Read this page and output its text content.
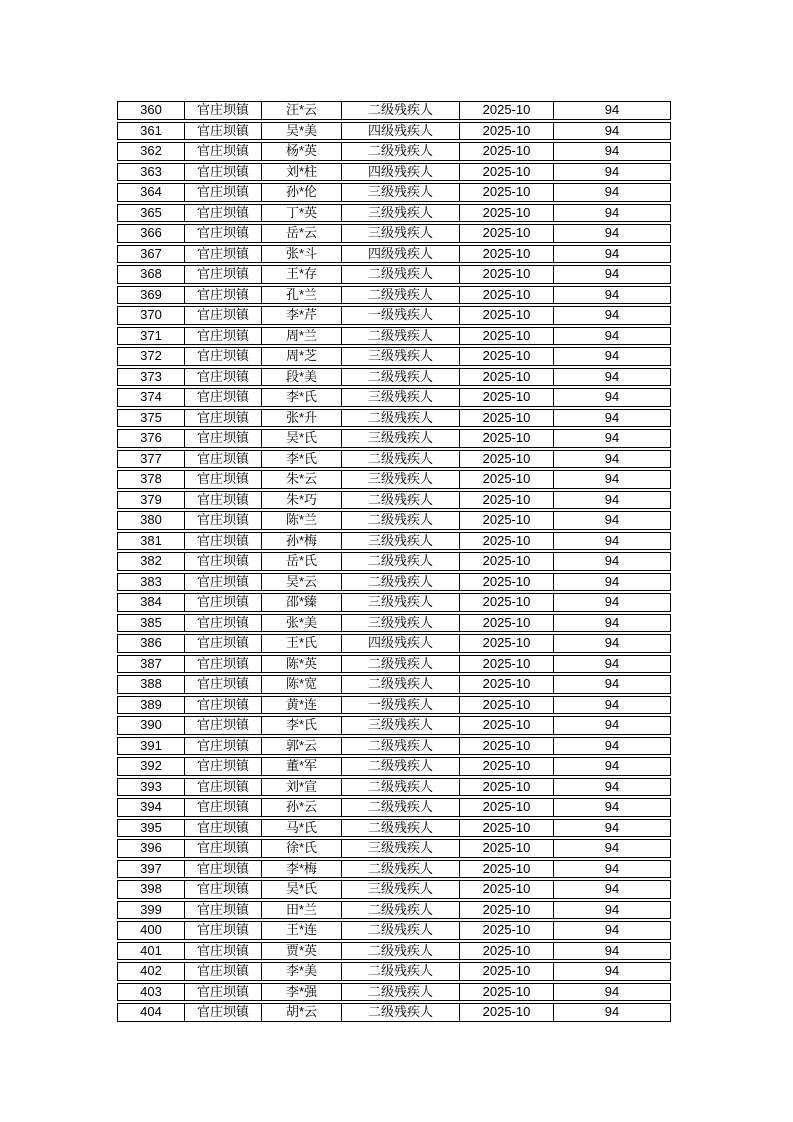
360	官庄坝镇	汪*云	二级残疾人	2025-10	94
361	官庄坝镇	吴*美	四级残疾人	2025-10	94
362	官庄坝镇	杨*英	二级残疾人	2025-10	94
363	官庄坝镇	刘*柱	四级残疾人	2025-10	94
364	官庄坝镇	孙*伦	三级残疾人	2025-10	94
365	官庄坝镇	丁*英	三级残疾人	2025-10	94
366	官庄坝镇	岳*云	三级残疾人	2025-10	94
367	官庄坝镇	张*斗	四级残疾人	2025-10	94
368	官庄坝镇	王*存	二级残疾人	2025-10	94
369	官庄坝镇	孔*兰	二级残疾人	2025-10	94
370	官庄坝镇	李*芹	一级残疾人	2025-10	94
371	官庄坝镇	周*兰	二级残疾人	2025-10	94
372	官庄坝镇	周*芝	三级残疾人	2025-10	94
373	官庄坝镇	段*美	二级残疾人	2025-10	94
374	官庄坝镇	李*氏	三级残疾人	2025-10	94
375	官庄坝镇	张*升	二级残疾人	2025-10	94
376	官庄坝镇	吴*氏	三级残疾人	2025-10	94
377	官庄坝镇	李*氏	二级残疾人	2025-10	94
378	官庄坝镇	朱*云	三级残疾人	2025-10	94
379	官庄坝镇	朱*巧	二级残疾人	2025-10	94
380	官庄坝镇	陈*兰	二级残疾人	2025-10	94
381	官庄坝镇	孙*梅	三级残疾人	2025-10	94
382	官庄坝镇	岳*氏	二级残疾人	2025-10	94
383	官庄坝镇	吴*云	二级残疾人	2025-10	94
384	官庄坝镇	邵*臻	三级残疾人	2025-10	94
385	官庄坝镇	张*美	三级残疾人	2025-10	94
386	官庄坝镇	王*氏	四级残疾人	2025-10	94
387	官庄坝镇	陈*英	二级残疾人	2025-10	94
388	官庄坝镇	陈*宽	二级残疾人	2025-10	94
389	官庄坝镇	黄*连	一级残疾人	2025-10	94
390	官庄坝镇	李*氏	三级残疾人	2025-10	94
391	官庄坝镇	郭*云	二级残疾人	2025-10	94
392	官庄坝镇	董*军	二级残疾人	2025-10	94
393	官庄坝镇	刘*宣	二级残疾人	2025-10	94
394	官庄坝镇	孙*云	二级残疾人	2025-10	94
395	官庄坝镇	马*氏	二级残疾人	2025-10	94
396	官庄坝镇	徐*氏	三级残疾人	2025-10	94
397	官庄坝镇	李*梅	二级残疾人	2025-10	94
398	官庄坝镇	吴*氏	三级残疾人	2025-10	94
399	官庄坝镇	田*兰	二级残疾人	2025-10	94
400	官庄坝镇	王*连	二级残疾人	2025-10	94
401	官庄坝镇	贾*英	二级残疾人	2025-10	94
402	官庄坝镇	李*美	二级残疾人	2025-10	94
403	官庄坝镇	李*强	二级残疾人	2025-10	94
404	官庄坝镇	胡*云	二级残疾人	2025-10	94
